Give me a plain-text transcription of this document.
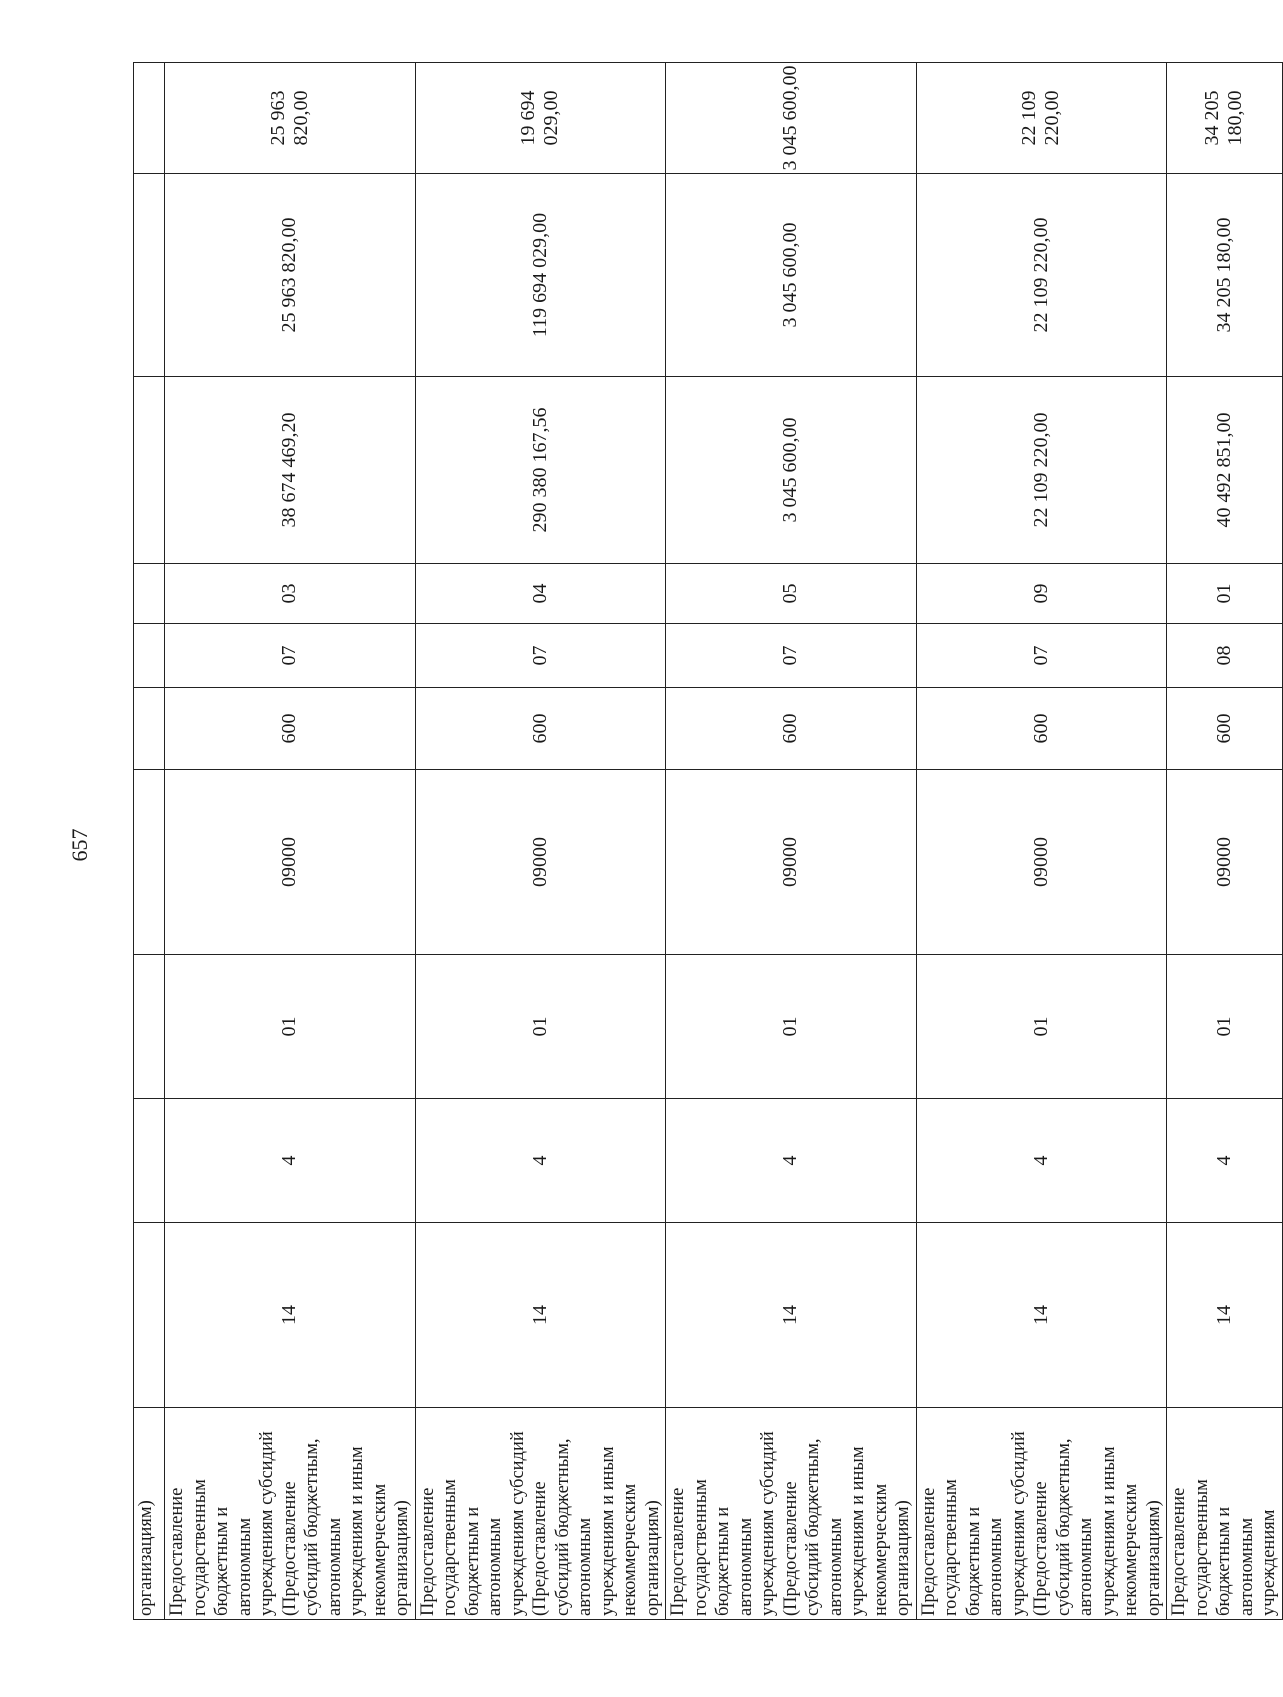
657
организациям)										
Предоставление государственным бюджетным и автономным учреждениям субсидий (Предоставление субсидий бюджетным, автономным учреждениям и иным некоммерческим организациям)	14	4	01	09000	600	07	03	38 674 469,20	25 963 820,00	25 963 820,00
Предоставление государственным бюджетным и автономным учреждениям субсидий (Предоставление субсидий бюджетным, автономным учреждениям и иным некоммерческим организациям)	14	4	01	09000	600	07	04	290 380 167,56	119 694 029,00	19 694 029,00
Предоставление государственным бюджетным и автономным учреждениям субсидий (Предоставление субсидий бюджетным, автономным учреждениям и иным некоммерческим организациям)	14	4	01	09000	600	07	05	3 045 600,00	3 045 600,00	3 045 600,00
Предоставление государственным бюджетным и автономным учреждениям субсидий (Предоставление субсидий бюджетным, автономным учреждениям и иным некоммерческим организациям)	14	4	01	09000	600	07	09	22 109 220,00	22 109 220,00	22 109 220,00
Предоставление государственным бюджетным и автономным учреждениям	14	4	01	09000	600	08	01	40 492 851,00	34 205 180,00	34 205 180,00
